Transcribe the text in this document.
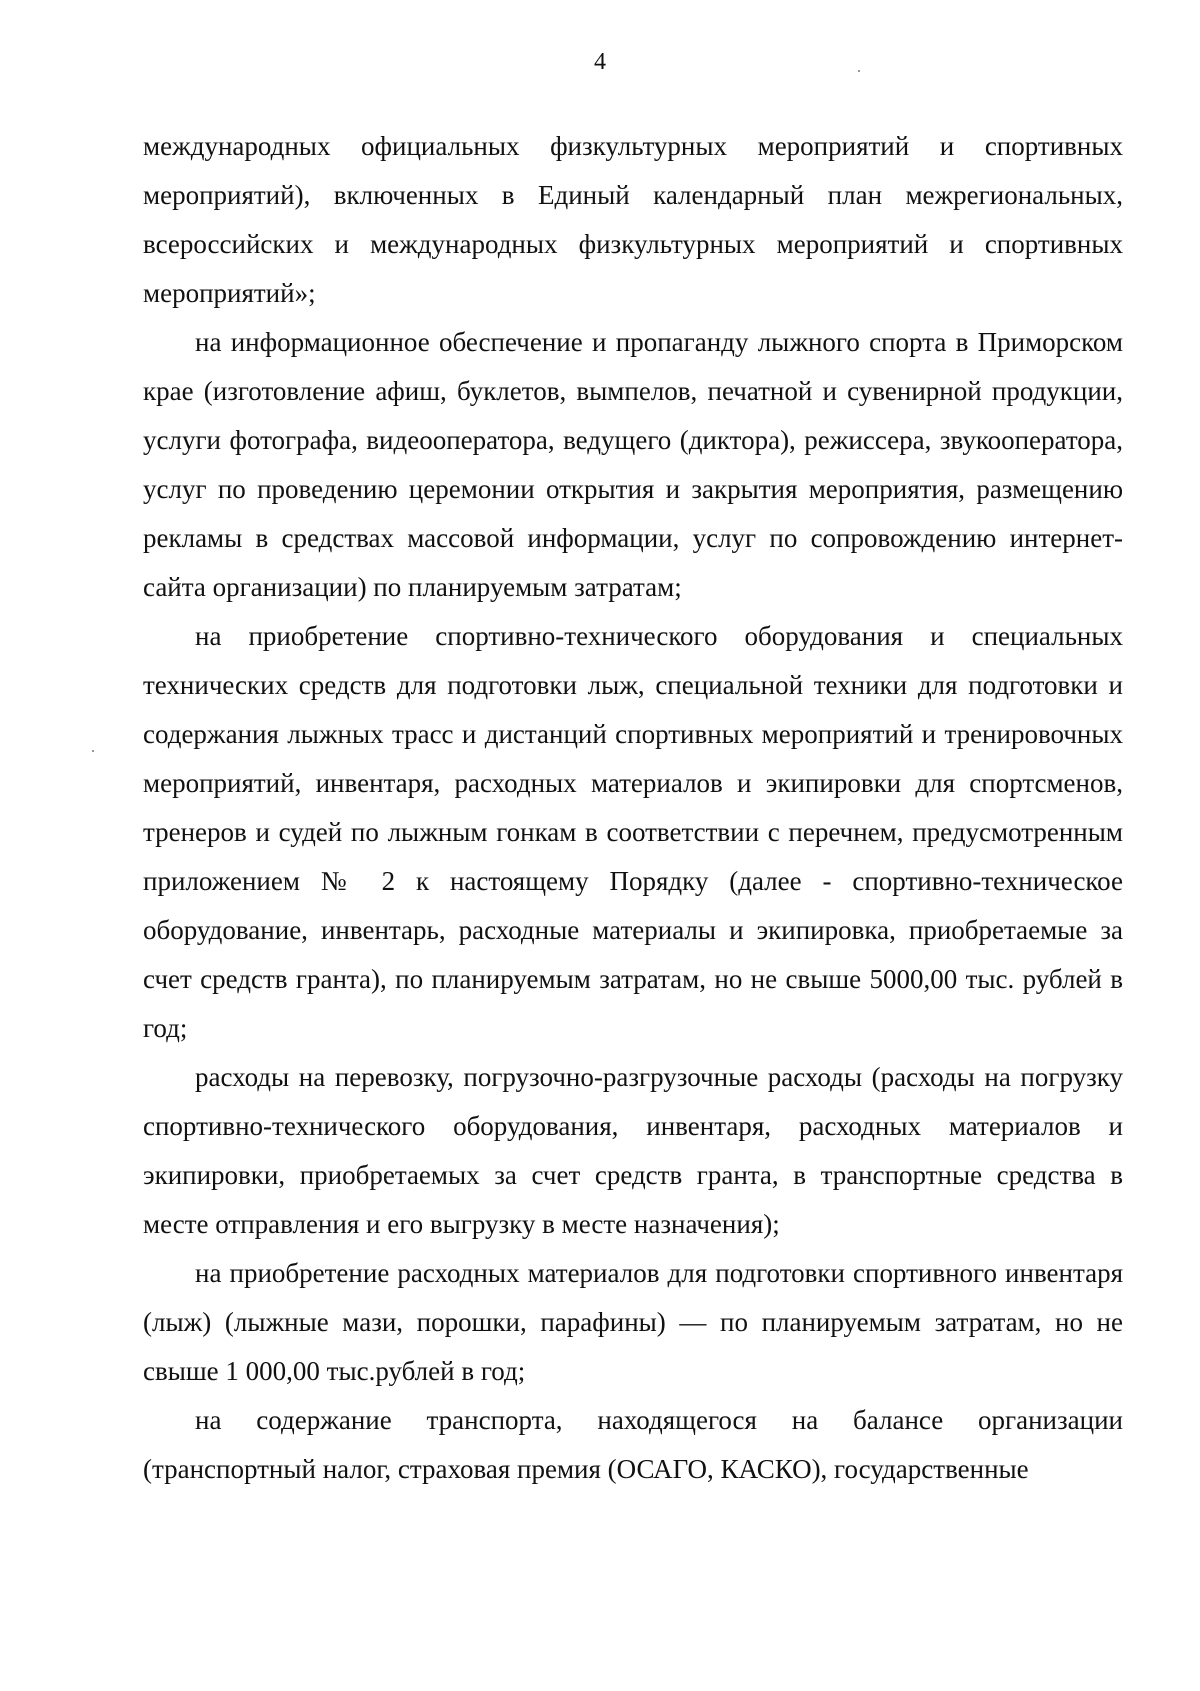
4

международных официальных физкультурных мероприятий и спортивных мероприятий), включенных в Единый календарный план межрегиональных, всероссийских и международных физкультурных мероприятий и спортивных мероприятий»;

на информационное обеспечение и пропаганду лыжного спорта в Приморском крае (изготовление афиш, буклетов, вымпелов, печатной и сувенирной продукции, услуги фотографа, видеооператора, ведущего (диктора), режиссера, звукооператора, услуг по проведению церемонии открытия и закрытия мероприятия, размещению рекламы в средствах массовой информации, услуг по сопровождению интернет-сайта организации) по планируемым затратам;

на приобретение спортивно-технического оборудования и специальных технических средств для подготовки лыж, специальной техники для подготовки и содержания лыжных трасс и дистанций спортивных мероприятий и тренировочных мероприятий, инвентаря, расходных материалов и экипировки для спортсменов, тренеров и судей по лыжным гонкам в соответствии с перечнем, предусмотренным приложением № 2 к настоящему Порядку (далее - спортивно-техническое оборудование, инвентарь, расходные материалы и экипировка, приобретаемые за счет средств гранта), по планируемым затратам, но не свыше 5000,00 тыс. рублей в год;

расходы на перевозку, погрузочно-разгрузочные расходы (расходы на погрузку спортивно-технического оборудования, инвентаря, расходных материалов и экипировки, приобретаемых за счет средств гранта, в транспортные средства в месте отправления и его выгрузку в месте назначения);

на приобретение расходных материалов для подготовки спортивного инвентаря (лыж) (лыжные мази, порошки, парафины) — по планируемым затратам, но не свыше 1 000,00 тыс.рублей в год;

на содержание транспорта, находящегося на балансе организации (транспортный налог, страховая премия (ОСАГО, КАСКО), государственные
